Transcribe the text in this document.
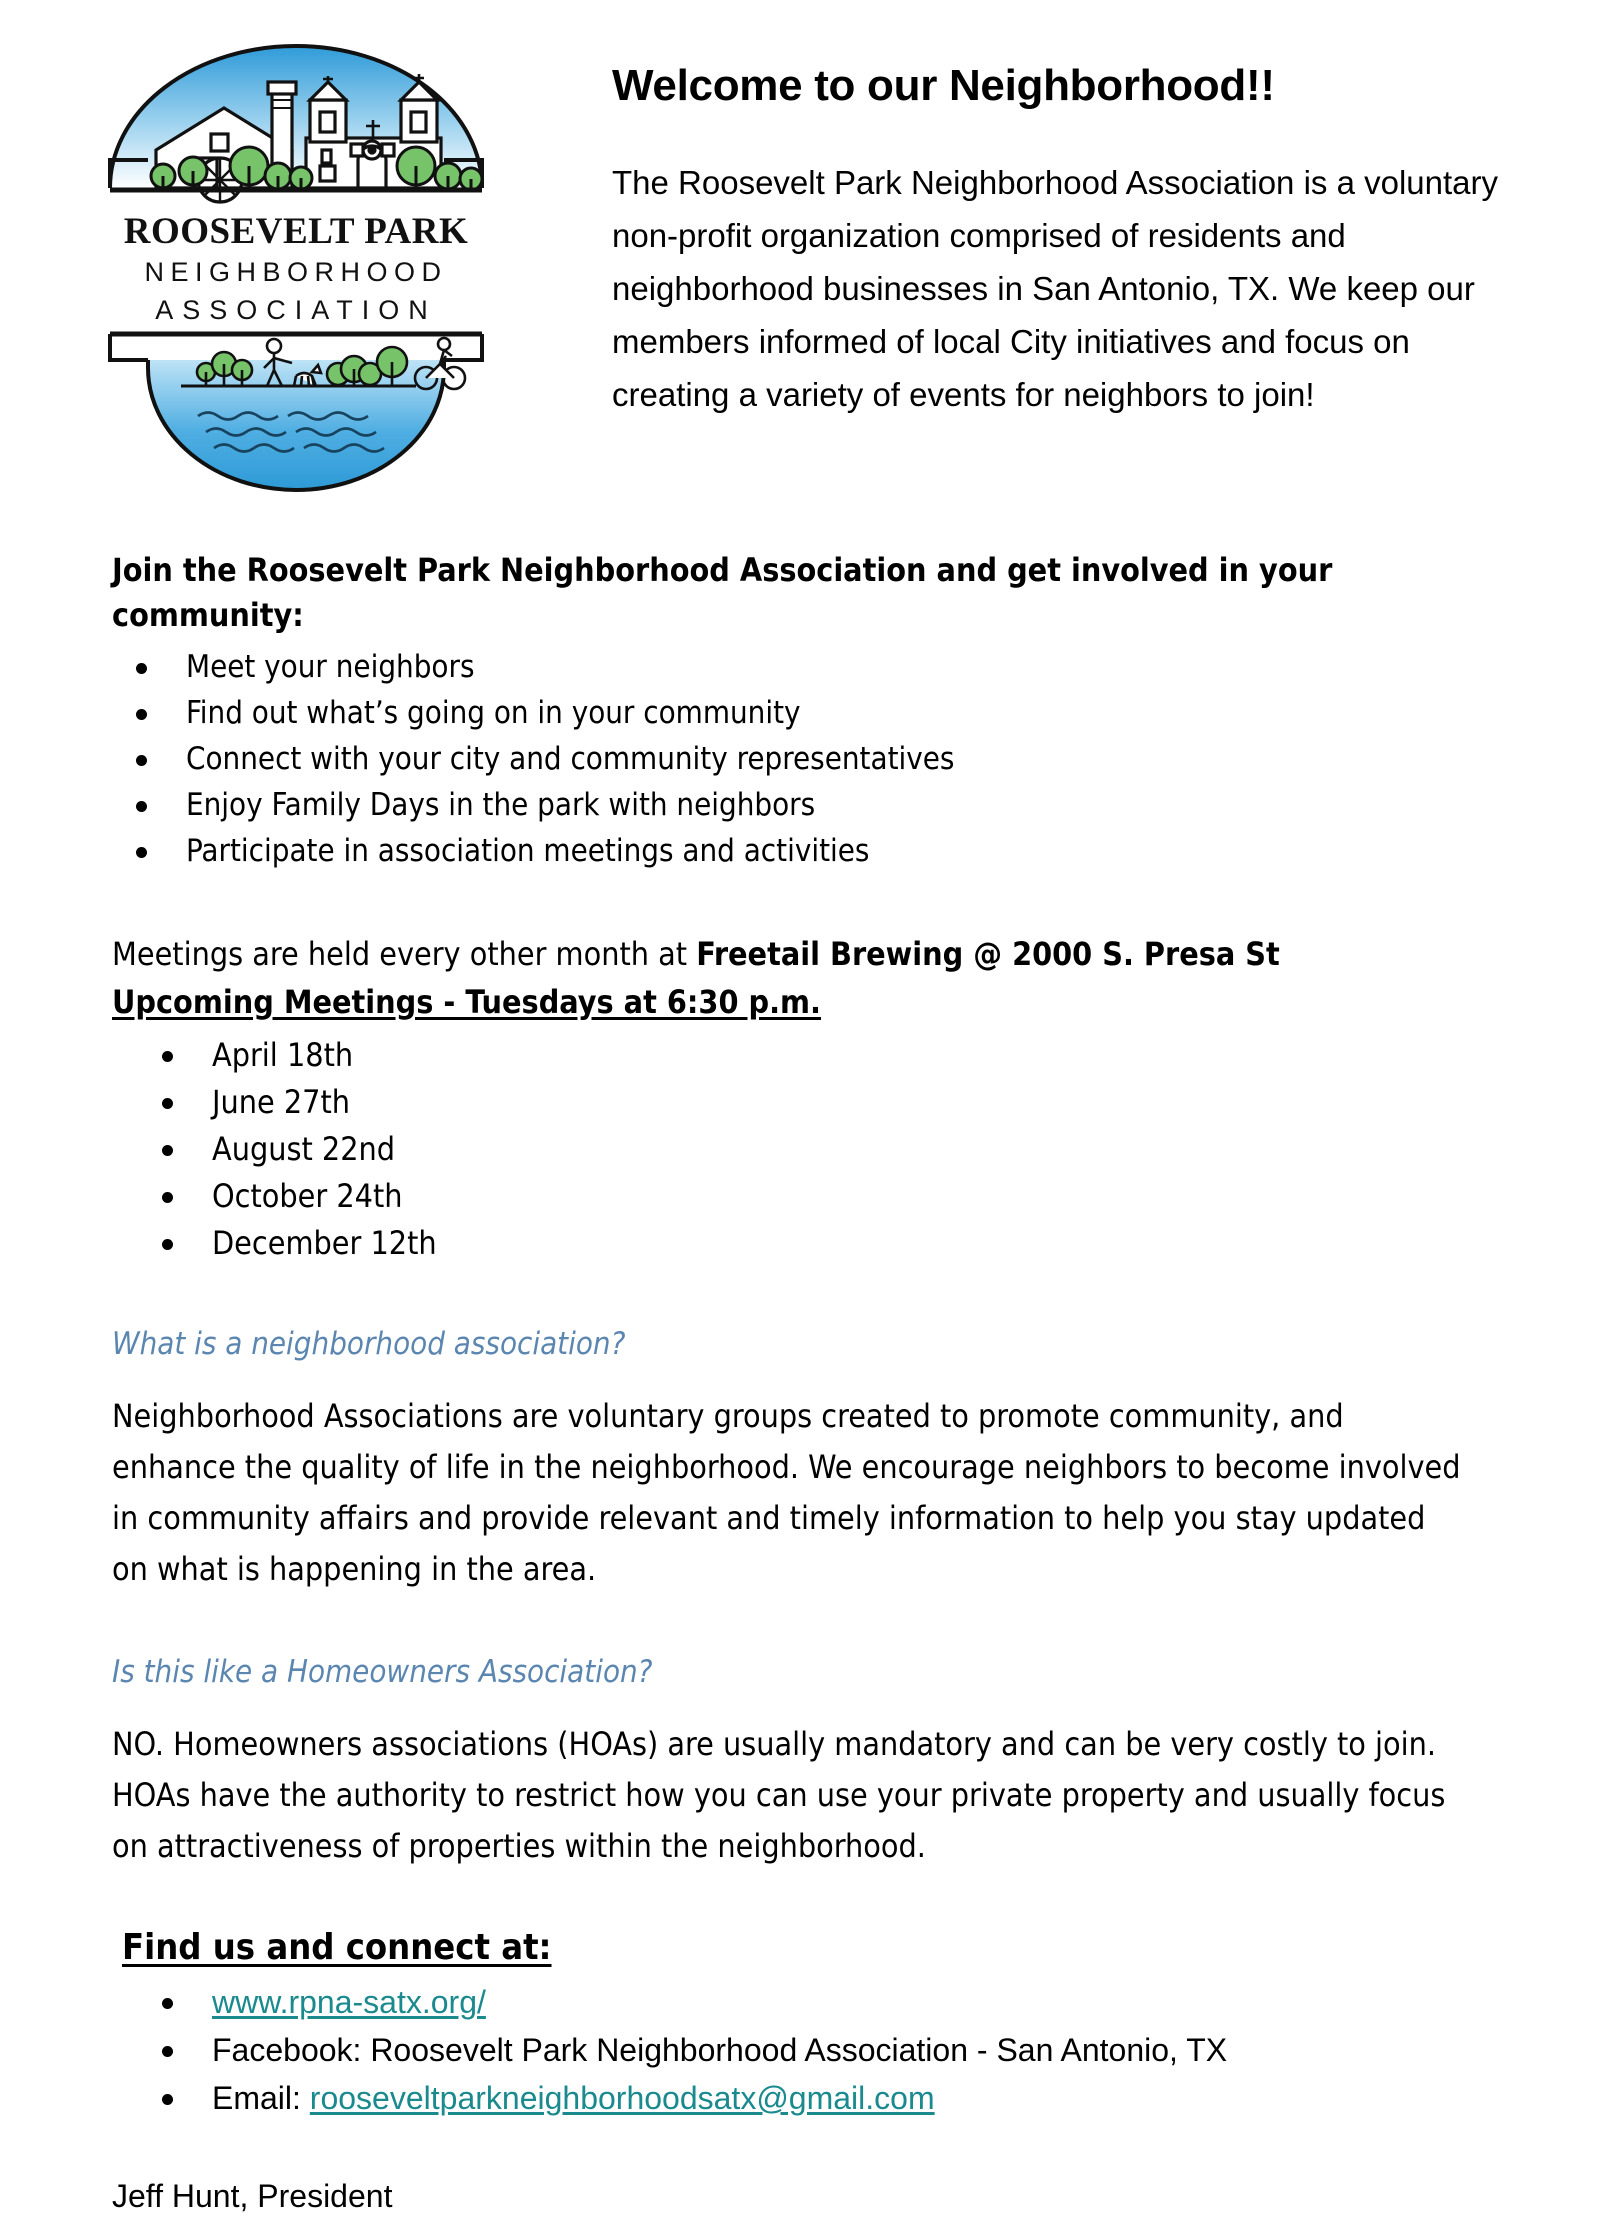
ROOSEVELT PARK
NEIGHBORHOOD
ASSOCIATION
Welcome to our Neighborhood!!

The Roosevelt Park Neighborhood Association is a voluntary non-profit organization comprised of residents and neighborhood businesses in San Antonio, TX. We keep our members informed of local City initiatives and focus on creating a variety of events for neighbors to join!

Join the Roosevelt Park Neighborhood Association and get involved in your community:
Meet your neighbors
Find out what’s going on in your community
Connect with your city and community representatives
Enjoy Family Days in the park with neighbors
Participate in association meetings and activities
Meetings are held every other month at Freetail Brewing @ 2000 S. Presa St
Upcoming Meetings - Tuesdays at 6:30 p.m.
April 18th
June 27th
August 22nd
October 24th
December 12th
What is a neighborhood association?
Neighborhood Associations are voluntary groups created to promote community, and enhance the quality of life in the neighborhood. We encourage neighbors to become involved in community affairs and provide relevant and timely information to help you stay updated on what is happening in the area.
Is this like a Homeowners Association?
NO. Homeowners associations (HOAs) are usually mandatory and can be very costly to join. HOAs have the authority to restrict how you can use your private property and usually focus on attractiveness of properties within the neighborhood.
Find us and connect at:
www.rpna-satx.org/
Facebook: Roosevelt Park Neighborhood Association - San Antonio, TX
Email: rooseveltparkneighborhoodsatx@gmail.com
Jeff Hunt, President
